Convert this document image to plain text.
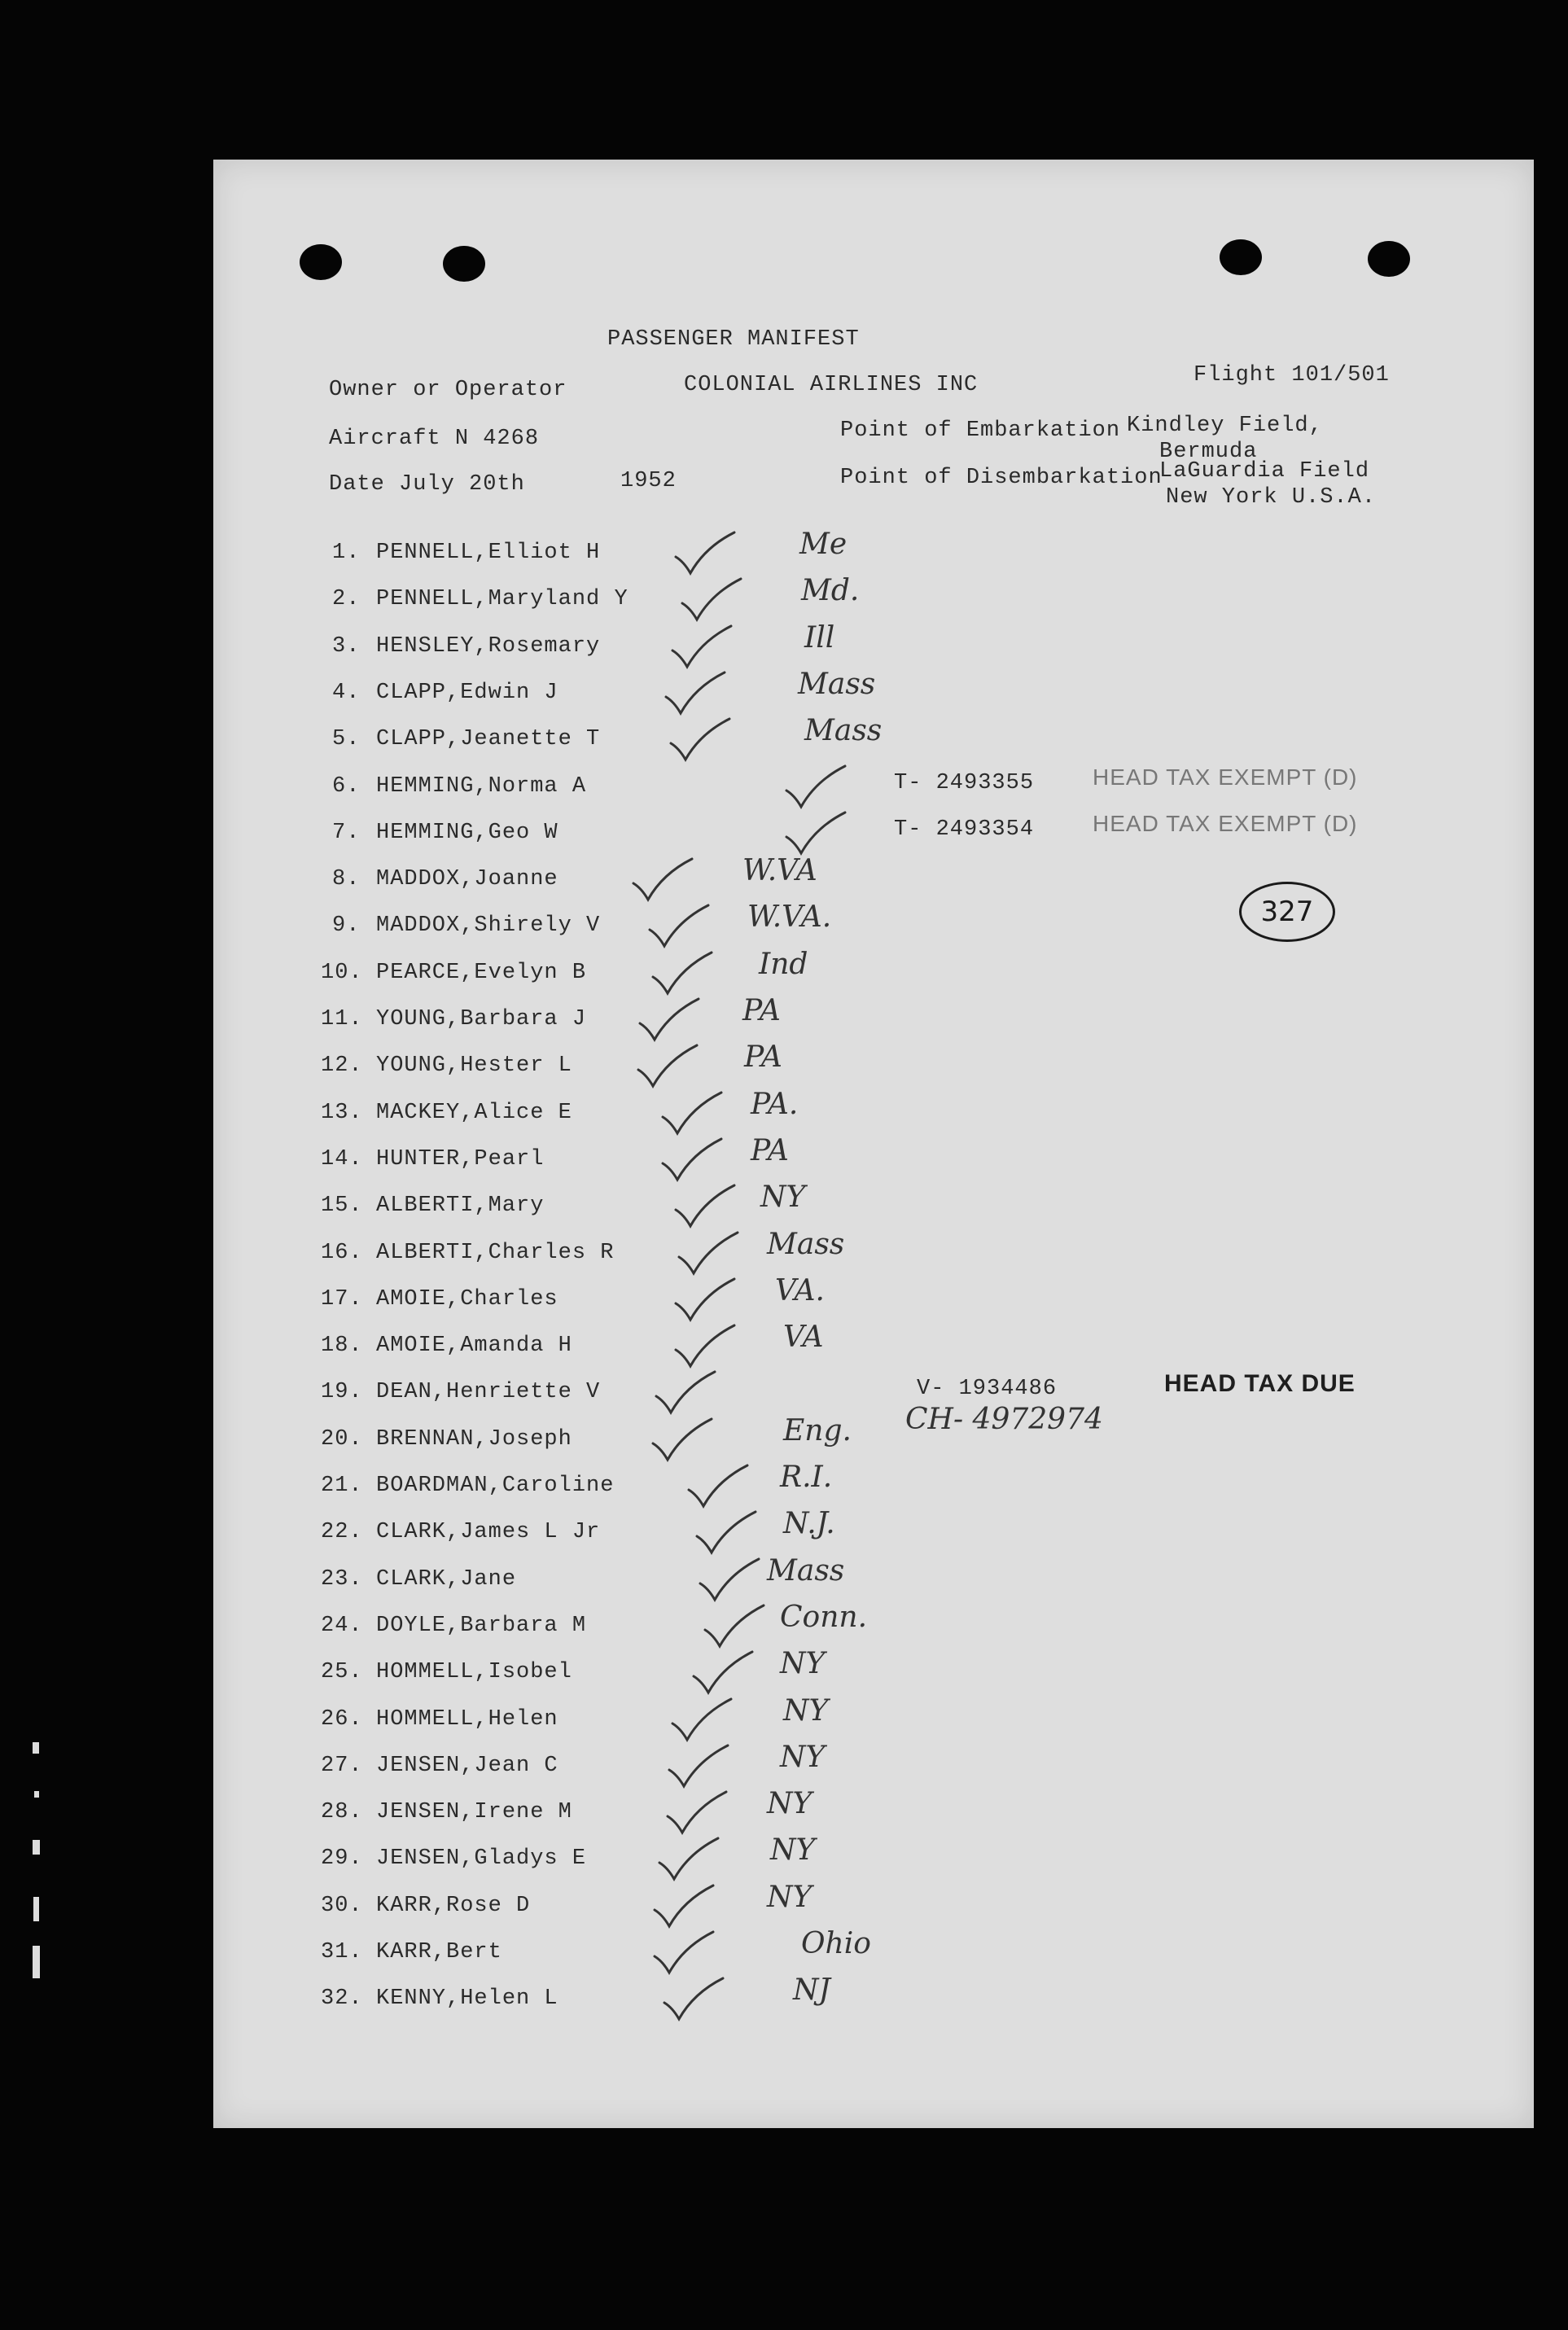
PASSENGER MANIFEST
Owner or Operator	COLONIAL AIRLINES INC	Flight 101/501
Aircraft N 4268	Point of Embarkation Kindley Field,
Bermuda
Date July 20th	1952	Point of Disembarkation
LaGuardia Field
New York U.S.A.
327
1. PENNELL,Elliot H	Me
2. PENNELL,Maryland Y	Md.
3. HENSLEY,Rosemary	Ill
4. CLAPP,Edwin J	Mass
5. CLAPP,Jeanette T	Mass
6. HEMMING,Norma A	T- 2493355	HEAD TAX EXEMPT (D)
7. HEMMING,Geo W	T- 2493354	HEAD TAX EXEMPT (D)
8. MADDOX,Joanne	W.VA
9. MADDOX,Shirely V	W.VA.
10. PEARCE,Evelyn B	Ind
11. YOUNG,Barbara J	PA
12. YOUNG,Hester L	PA
13. MACKEY,Alice E	PA.
14. HUNTER,Pearl	PA
15. ALBERTI,Mary	NY
16. ALBERTI,Charles R	Mass
17. AMOIE,Charles	VA.
18. AMOIE,Amanda H	VA
19. DEAN,Henriette V	V- 1934486	HEAD TAX DUE
CH- 4972974
20. BRENNAN,Joseph	Eng.
21. BOARDMAN,Caroline	R.I.
22. CLARK,James L Jr	N.J.
23. CLARK,Jane	Mass
24. DOYLE,Barbara M	Conn.
25. HOMMELL,Isobel	NY
26. HOMMELL,Helen	NY
27. JENSEN,Jean C	NY
28. JENSEN,Irene M	NY
29. JENSEN,Gladys E	NY
30. KARR,Rose D	NY
31. KARR,Bert	Ohio
32. KENNY,Helen L	NJ
